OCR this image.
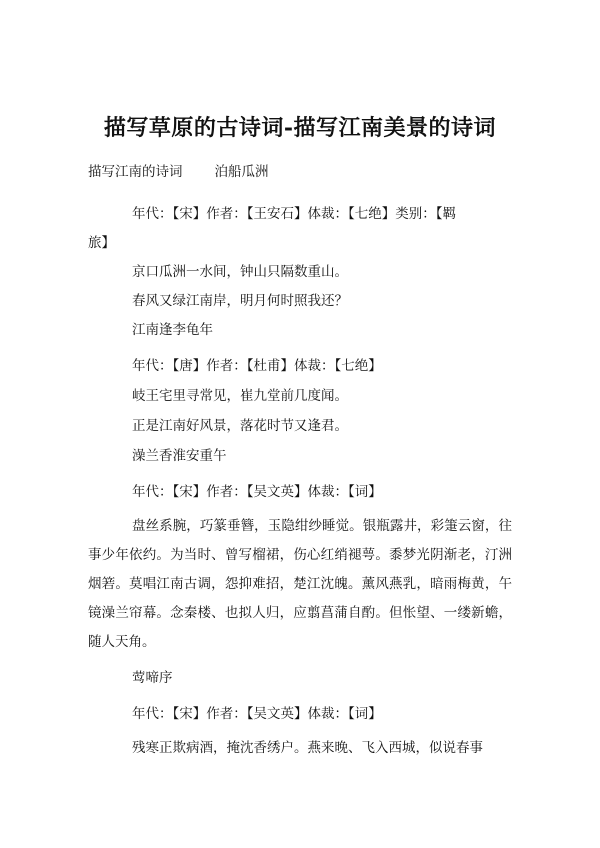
描写草原的古诗词-描写江南美景的诗词
描写江南的诗词 泊船瓜洲
年代：【宋】作者：【王安石】体裁：【七绝】类别：【羁
旅】
京口瓜洲一水间，钟山只隔数重山。
春风又绿江南岸，明月何时照我还？
江南逢李龟年
年代：【唐】作者：【杜甫】体裁：【七绝】
岐王宅里寻常见，崔九堂前几度闻。
正是江南好风景，落花时节又逢君。
澡兰香淮安重午
年代：【宋】作者：【吴文英】体裁：【词】
盘丝系腕，巧篆垂簪，玉隐绀纱睡觉。银瓶露井，彩箑云窗，往事少年依约。为当时、曾写榴裙，伤心红绡褪萼。黍梦光阴渐老，汀洲烟箬。莫唱江南古调，怨抑难招，楚江沈魄。薰风燕乳，暗雨梅黄，午镜澡兰帘幕。念秦楼、也拟人归，应翦菖蒲自酌。但怅望、一缕新蟾，随人天角。
莺啼序
年代：【宋】作者：【吴文英】体裁：【词】
残寒正欺病酒，掩沈香绣户。燕来晚、飞入西城，似说春事
